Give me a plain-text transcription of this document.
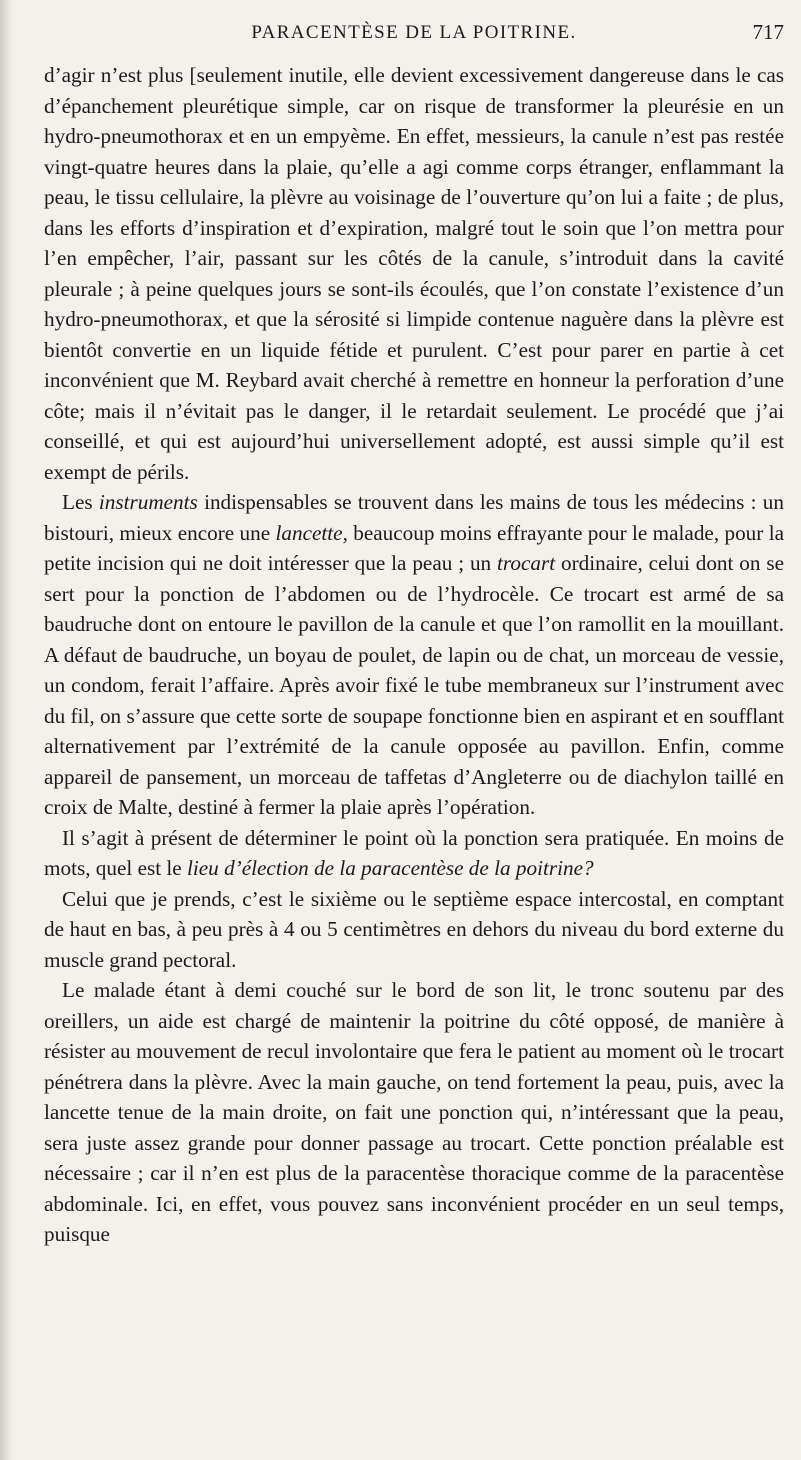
PARACENTÈSE DE LA POITRINE.	717

d’agir n’est plus [seulement inutile, elle devient excessivement dangereuse dans le cas d’épanchement pleurétique simple, car on risque de transformer la pleurésie en un hydro-pneumothorax et en un empyème. En effet, messieurs, la canule n’est pas restée vingt-quatre heures dans la plaie, qu’elle a agi comme corps étranger, enflammant la peau, le tissu cellulaire, la plèvre au voisinage de l’ouverture qu’on lui a faite ; de plus, dans les efforts d’inspiration et d’expiration, malgré tout le soin que l’on mettra pour l’en empêcher, l’air, passant sur les côtés de la canule, s’introduit dans la cavité pleurale ; à peine quelques jours se sont-ils écoulés, que l’on constate l’existence d’un hydro-pneumothorax, et que la sérosité si limpide contenue naguère dans la plèvre est bientôt convertie en un liquide fétide et purulent. C’est pour parer en partie à cet inconvénient que M. Reybard avait cherché à remettre en honneur la perforation d’une côte; mais il n’évitait pas le danger, il le retardait seulement. Le procédé que j’ai conseillé, et qui est aujourd’hui universellement adopté, est aussi simple qu’il est exempt de périls.

Les instruments indispensables se trouvent dans les mains de tous les médecins : un bistouri, mieux encore une lancette, beaucoup moins effrayante pour le malade, pour la petite incision qui ne doit intéresser que la peau ; un trocart ordinaire, celui dont on se sert pour la ponction de l’abdomen ou de l’hydrocèle. Ce trocart est armé de sa baudruche dont on entoure le pavillon de la canule et que l’on ramollit en la mouillant. A défaut de baudruche, un boyau de poulet, de lapin ou de chat, un morceau de vessie, un condom, ferait l’affaire. Après avoir fixé le tube membraneux sur l’instrument avec du fil, on s’assure que cette sorte de soupape fonctionne bien en aspirant et en soufflant alternativement par l’extrémité de la canule opposée au pavillon. Enfin, comme appareil de pansement, un morceau de taffetas d’Angleterre ou de diachylon taillé en croix de Malte, destiné à fermer la plaie après l’opération.

Il s’agit à présent de déterminer le point où la ponction sera pratiquée. En moins de mots, quel est le lieu d’élection de la paracentèse de la poitrine?

Celui que je prends, c’est le sixième ou le septième espace intercostal, en comptant de haut en bas, à peu près à 4 ou 5 centimètres en dehors du niveau du bord externe du muscle grand pectoral.

Le malade étant à demi couché sur le bord de son lit, le tronc soutenu par des oreillers, un aide est chargé de maintenir la poitrine du côté opposé, de manière à résister au mouvement de recul involontaire que fera le patient au moment où le trocart pénétrera dans la plèvre. Avec la main gauche, on tend fortement la peau, puis, avec la lancette tenue de la main droite, on fait une ponction qui, n’intéressant que la peau, sera juste assez grande pour donner passage au trocart. Cette ponction préalable est nécessaire ; car il n’en est plus de la paracentèse thoracique comme de la paracentèse abdominale. Ici, en effet, vous pouvez sans inconvénient procéder en un seul temps, puisque
